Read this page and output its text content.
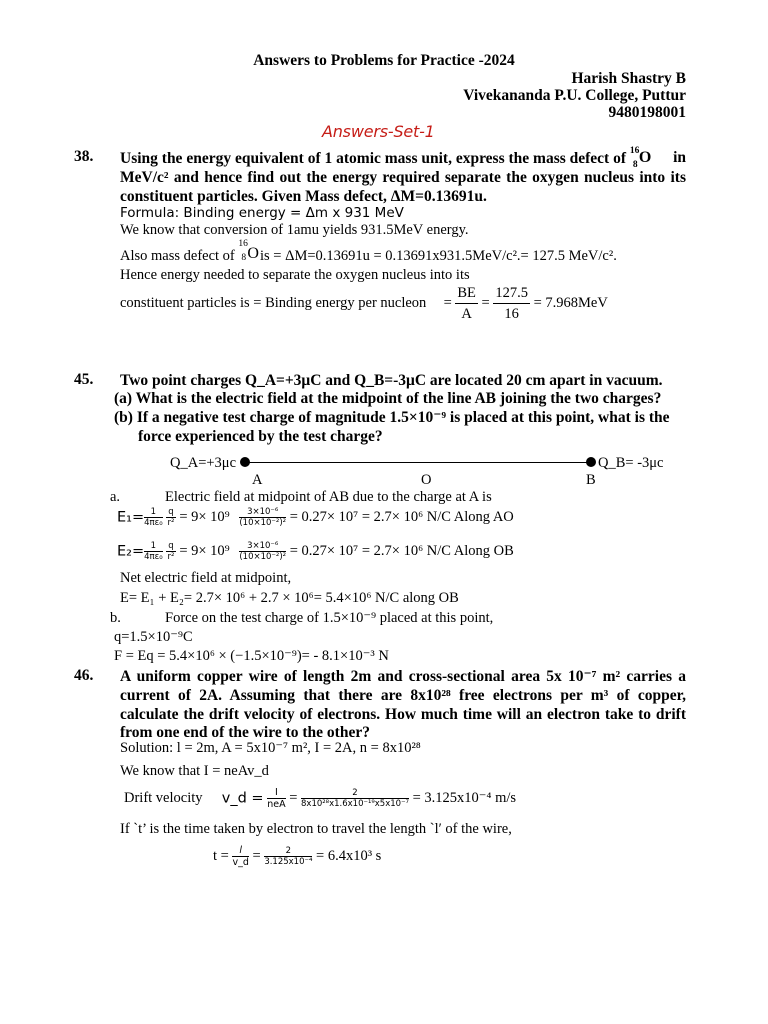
Answers to Problems for Practice -2024
Harish Shastry B
Vivekananda P.U. College, Puttur
9480198001
Answers-Set-1
38. Using the energy equivalent of 1 atomic mass unit, express the mass defect of 16
8 O in
MeV/c² and hence find out the energy required separate the oxygen nucleus into its
constituent particles. Given Mass defect, ΔM=0.13691u.
Formula: Binding energy = Δm x 931 MeV
We know that conversion of 1amu yields 931.5MeV energy.
Also mass defect of
16
8 O is = ΔM=0.13691u = 0.13691x931.5MeV/c².= 127.5 MeV/c².
Hence energy needed to separate the oxygen nucleus into its
constituent particles is = Binding energy per nucleon = $\frac{BE}{A} = \frac{127.5}{16} = 7.968MeV$
45. Two point charges Q_A=+3μC and Q_B=-3μC are located 20 cm apart in vacuum.
(a) What is the electric field at the midpoint of the line AB joining the two charges?
(b) If a negative test charge of magnitude 1.5×10⁻⁹ is placed at this point, what is the
force experienced by the test charge?
Q_A=+3μc	Q_B= -3μc
A	O	B
a.	Electric field at midpoint of AB due to the charge at A is
$E_1= \frac{1}{\text{4πε₀}}$
$\frac{q}{\text{r²}} = 9\times 10^9 \frac{\text{3×10⁻⁶}}{\text{(10×10⁻²)²}} = 0.27\times 10^7 = 2.7\times 10^6$ N/C Along AO
$E_2= \frac{1}{\text{4πε₀}}$
$\frac{q}{\text{r²}} = 9\times 10^9 \frac{\text{3×10⁻⁶}}{\text{(10×10⁻²)²}} = 0.27\times 10^7 = 2.7\times 10^6$ N/C Along OB
Net electric field at midpoint,
E= E₁ + E₂= 2.7× 10⁶ + 2.7 × 10⁶= 5.4×10⁶ N/C along OB
b.	Force on the test charge of 1.5×10⁻⁹ placed at this point,
q=1.5×10⁻⁹C
F = Eq = 5.4×10⁶ × (−1.5×10⁻⁹)= - 8.1×10⁻³ N
46. A uniform copper wire of length 2m and cross-sectional area 5x 10⁻⁷ m² carries a
current of 2A. Assuming that there are 8x10²⁸ free electrons per m³ of copper,
calculate the drift velocity of electrons. How much time will an electron take to drift
from one end of the wire to the other?
Solution: l = 2m, A = 5x10⁻⁷ m², I = 2A, n = 8x10²⁸
We know that I = neAv_d
Drift velocity v_d = $\frac{I}{\text{neA}} = \frac{2}{\text{8x10²⁸x1.6x10⁻¹⁹x5x10⁻⁷}} = 3.125x10^{-4}$ m/s
If `t’ is the time taken by electron to travel the length `l′ of the wire,
$t = \frac{l}{v\_d} = \frac{2}{\text{3.125x10⁻⁴}} = 6.4x10^3$ s
